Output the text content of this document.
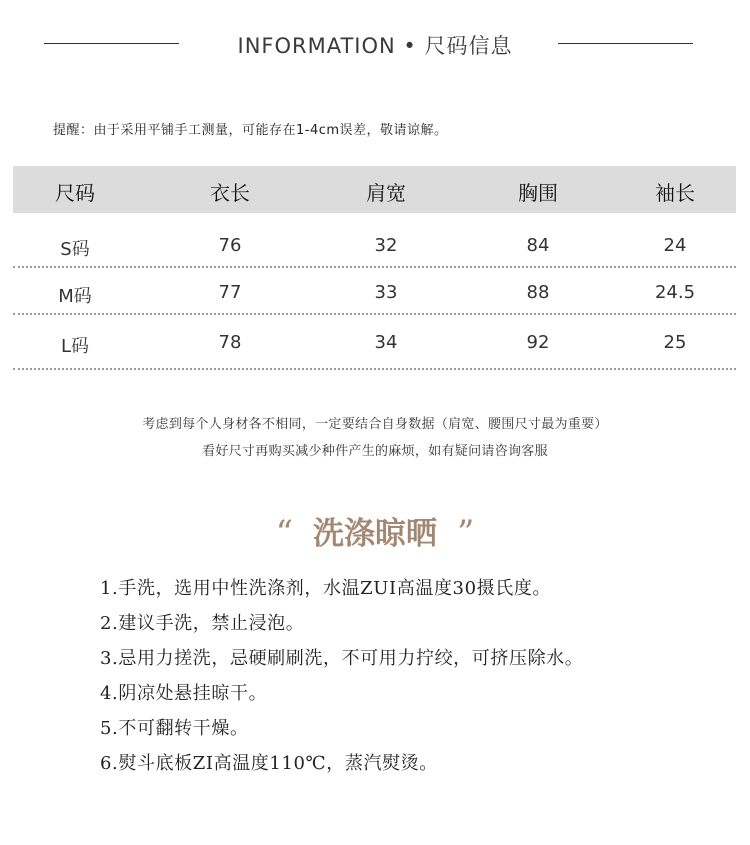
INFORMATION • 尺码信息
提醒：由于采用平铺手工测量，可能存在1-4cm误差，敬请谅解。
尺码	衣长	肩宽	胸围	袖长
S码	76	32	84	24
M码	77	33	88	24.5
L码	78	34	92	25
考虑到每个人身材各不相同，一定要结合自身数据（肩宽、腰围尺寸最为重要）
看好尺寸再购买减少种件产生的麻烦，如有疑问请咨询客服
“ 洗涤晾晒 ”
1.手洗，选用中性洗涤剂，水温ZUI高温度30摄氏度。
2.建议手洗，禁止浸泡。
3.忌用力搓洗，忌硬刷刷洗，不可用力拧绞，可挤压除水。
4.阴凉处悬挂晾干。
5.不可翻转干燥。
6.熨斗底板ZI高温度110℃，蒸汽熨烫。
